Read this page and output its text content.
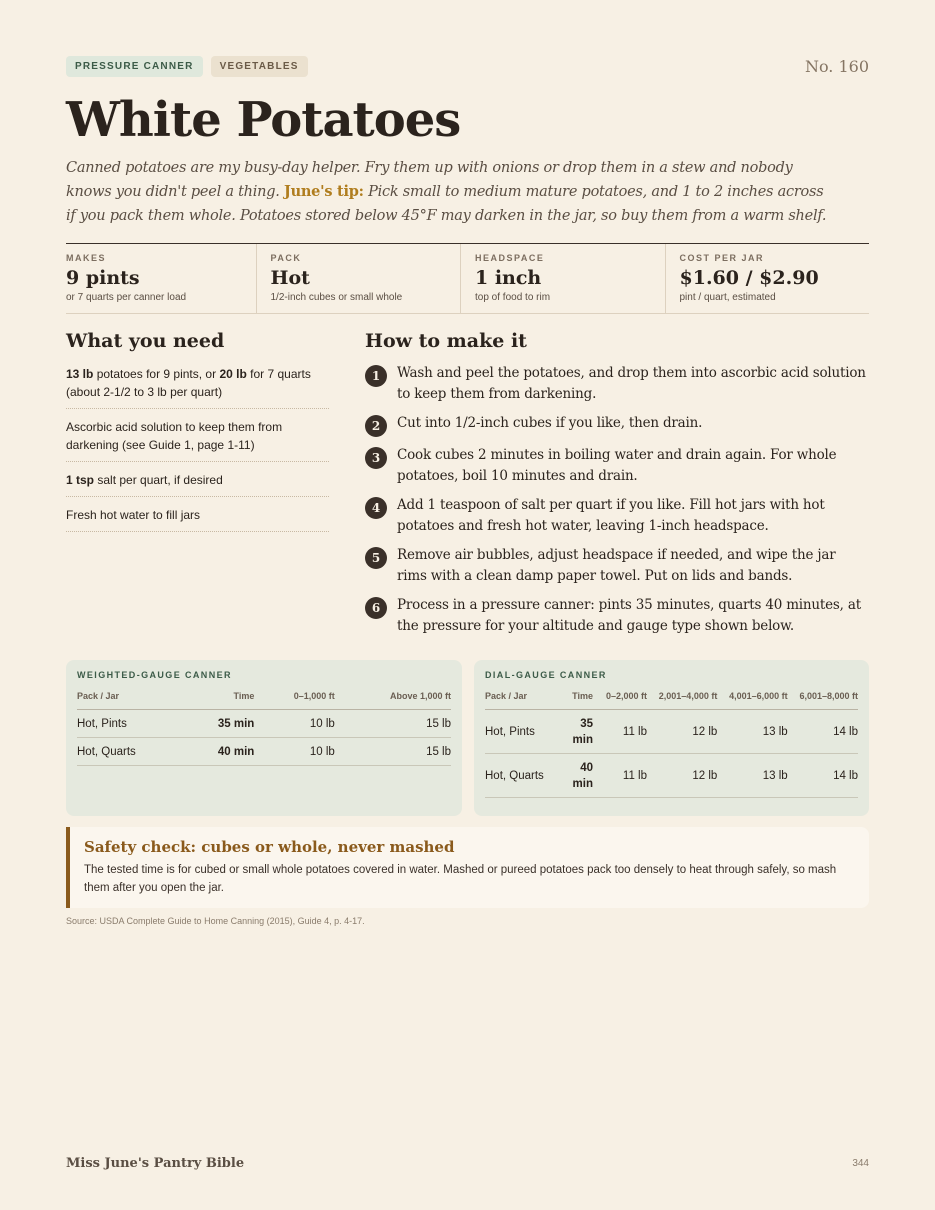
PRESSURE CANNER	VEGETABLES	No. 160
White Potatoes

Canned potatoes are my busy-day helper. Fry them up with onions or drop them in a stew and nobody knows you didn't peel a thing. June's tip: Pick small to medium mature potatoes, and 1 to 2 inches across if you pack them whole. Potatoes stored below 45°F may darken in the jar, so buy them from a warm shelf.

MAKES
9 pints
or 7 quarts per canner load
PACK
Hot
1/2-inch cubes or small whole
HEADSPACE
1 inch
top of food to rim
COST PER JAR
$1.60 / $2.90
pint / quart, estimated
What you need
13 lb potatoes for 9 pints, or 20 lb for 7 quarts (about 2-1/2 to 3 lb per quart)
Ascorbic acid solution to keep them from darkening (see Guide 1, page 1-11)
1 tsp salt per quart, if desired
Fresh hot water to fill jars
How to make it
1	Wash and peel the potatoes, and drop them into ascorbic acid solution to keep them from darkening.
2	Cut into 1/2-inch cubes if you like, then drain.
3	Cook cubes 2 minutes in boiling water and drain again. For whole potatoes, boil 10 minutes and drain.
4	Add 1 teaspoon of salt per quart if you like. Fill hot jars with hot potatoes and fresh hot water, leaving 1-inch headspace.
5	Remove air bubbles, adjust headspace if needed, and wipe the jar rims with a clean damp paper towel. Put on lids and bands.
6	Process in a pressure canner: pints 35 minutes, quarts 40 minutes, at the pressure for your altitude and gauge type shown below.
WEIGHTED-GAUGE CANNER
Pack / Jar	Time	0–1,000 ft	Above 1,000 ft
Hot, Pints	35 min	10 lb	15 lb
Hot, Quarts	40 min	10 lb	15 lb
DIAL-GAUGE CANNER
Pack / Jar	Time	0–2,000 ft	2,001–4,000 ft	4,001–6,000 ft	6,001–8,000 ft
Hot, Pints	35 min	11 lb	12 lb	13 lb	14 lb
Hot, Quarts	40 min	11 lb	12 lb	13 lb	14 lb
Safety check: cubes or whole, never mashed
The tested time is for cubed or small whole potatoes covered in water. Mashed or pureed potatoes pack too densely to heat through safely, so mash them after you open the jar.
Source: USDA Complete Guide to Home Canning (2015), Guide 4, p. 4-17.
Miss June's Pantry Bible	344
